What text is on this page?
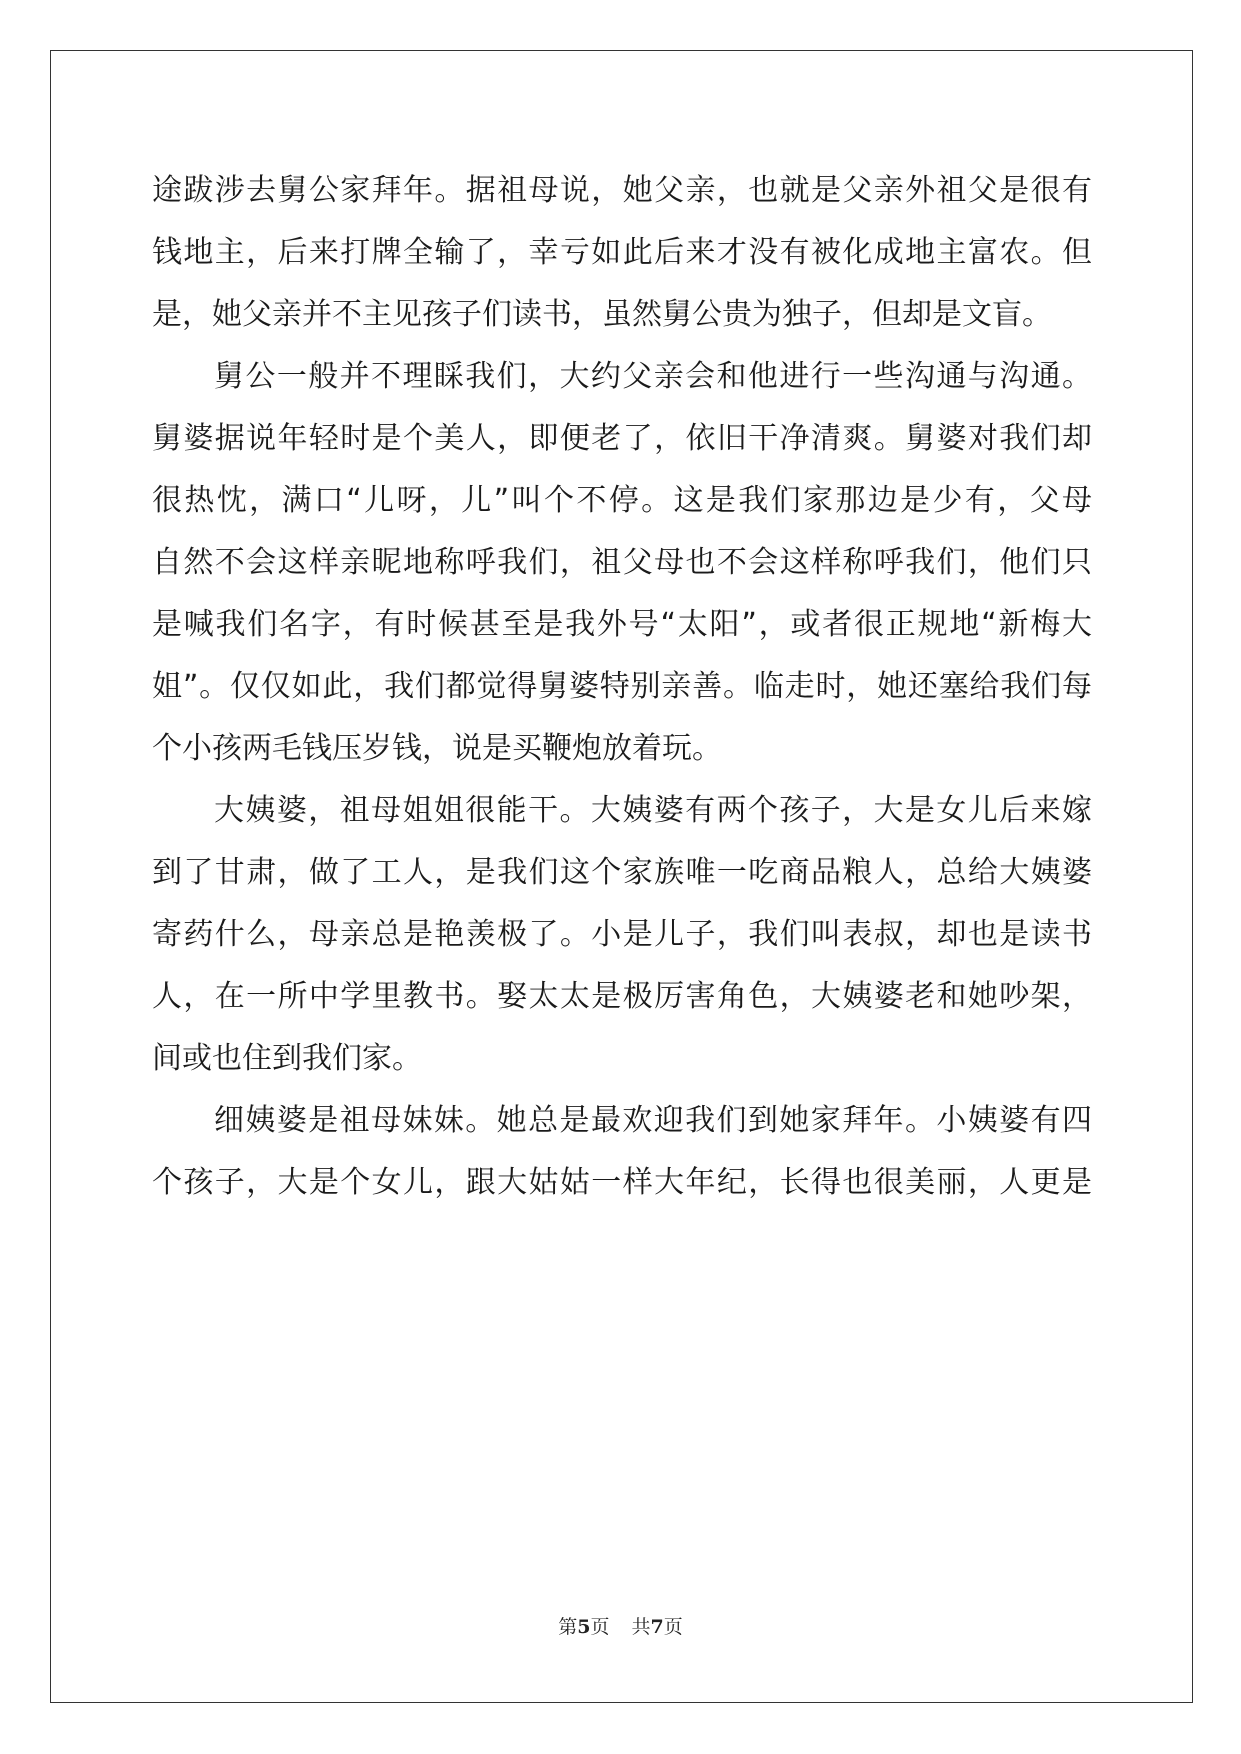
途跋涉去舅公家拜年。据祖母说，她父亲，也就是父亲外祖父是很有
钱地主，后来打牌全输了，幸亏如此后来才没有被化成地主富农。但
是，她父亲并不主见孩子们读书，虽然舅公贵为独子，但却是文盲。
舅公一般并不理睬我们，大约父亲会和他进行一些沟通与沟通。
舅婆据说年轻时是个美人，即便老了，依旧干净清爽。舅婆对我们却
很热忱，满口“儿呀，儿”叫个不停。这是我们家那边是少有，父母
自然不会这样亲昵地称呼我们，祖父母也不会这样称呼我们，他们只
是喊我们名字，有时候甚至是我外号“太阳”，或者很正规地“新梅大
姐”。仅仅如此，我们都觉得舅婆特别亲善。临走时，她还塞给我们每
个小孩两毛钱压岁钱，说是买鞭炮放着玩。
大姨婆，祖母姐姐很能干。大姨婆有两个孩子，大是女儿后来嫁
到了甘肃，做了工人，是我们这个家族唯一吃商品粮人，总给大姨婆
寄药什么，母亲总是艳羡极了。小是儿子，我们叫表叔，却也是读书
人，在一所中学里教书。娶太太是极厉害角色，大姨婆老和她吵架，
间或也住到我们家。
细姨婆是祖母妹妹。她总是最欢迎我们到她家拜年。小姨婆有四
个孩子，大是个女儿，跟大姑姑一样大年纪，长得也很美丽，人更是
第5页 共7页
